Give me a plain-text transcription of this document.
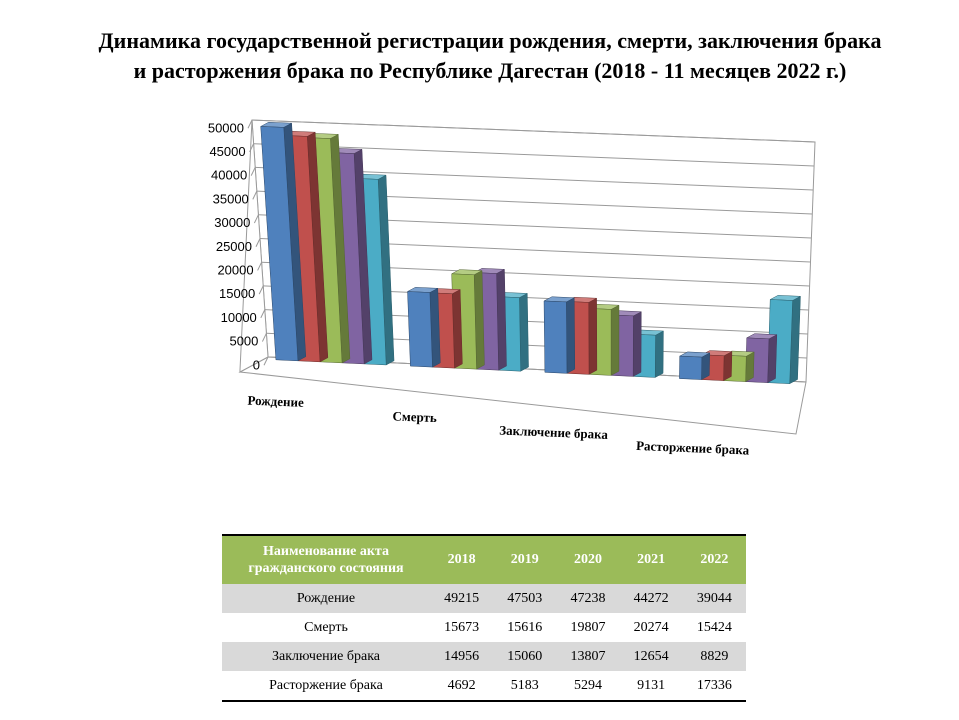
Динамика государственной регистрации рождения, смерти, заключения брака
и расторжения брака по Республике Дагестан (2018 - 11 месяцев 2022 г.)
0
5000
10000
15000
20000
25000
30000
35000
40000
45000
50000
Рождение
Смерть
Заключение брака
Расторжение брака
Наименование акта
гражданского состояния	2018	2019	2020	2021	2022
Рождение	49215	47503	47238	44272	39044
Смерть	15673	15616	19807	20274	15424
Заключение брака	14956	15060	13807	12654	8829
Расторжение брака	4692	5183	5294	9131	17336
